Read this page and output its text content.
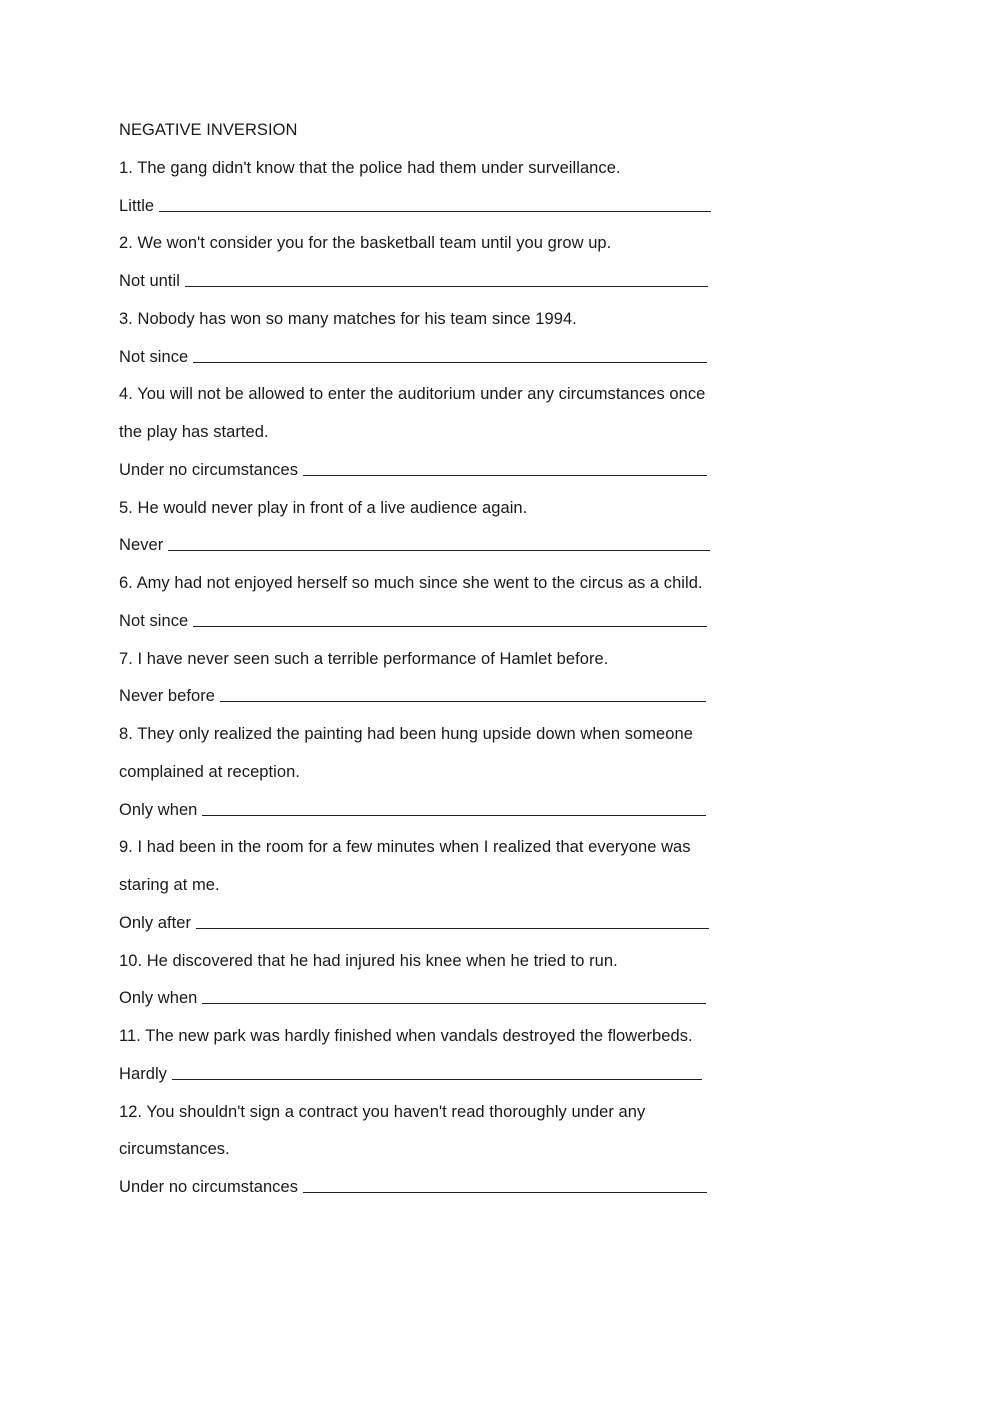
NEGATIVE INVERSION
1. The gang didn't know that the police had them under surveillance.
Little
2. We won't consider you for the basketball team until you grow up.
Not until
3. Nobody has won so many matches for his team since 1994.
Not since
4. You will not be allowed to enter the auditorium under any circumstances once
the play has started.
Under no circumstances
5. He would never play in front of a live audience again.
Never
6. Amy had not enjoyed herself so much since she went to the circus as a child.
Not since
7. I have never seen such a terrible performance of Hamlet before.
Never before
8. They only realized the painting had been hung upside down when someone
complained at reception.
Only when
9. I had been in the room for a few minutes when I realized that everyone was
staring at me.
Only after
10. He discovered that he had injured his knee when he tried to run.
Only when
11. The new park was hardly finished when vandals destroyed the flowerbeds.
Hardly
12. You shouldn't sign a contract you haven't read thoroughly under any
circumstances.
Under no circumstances
